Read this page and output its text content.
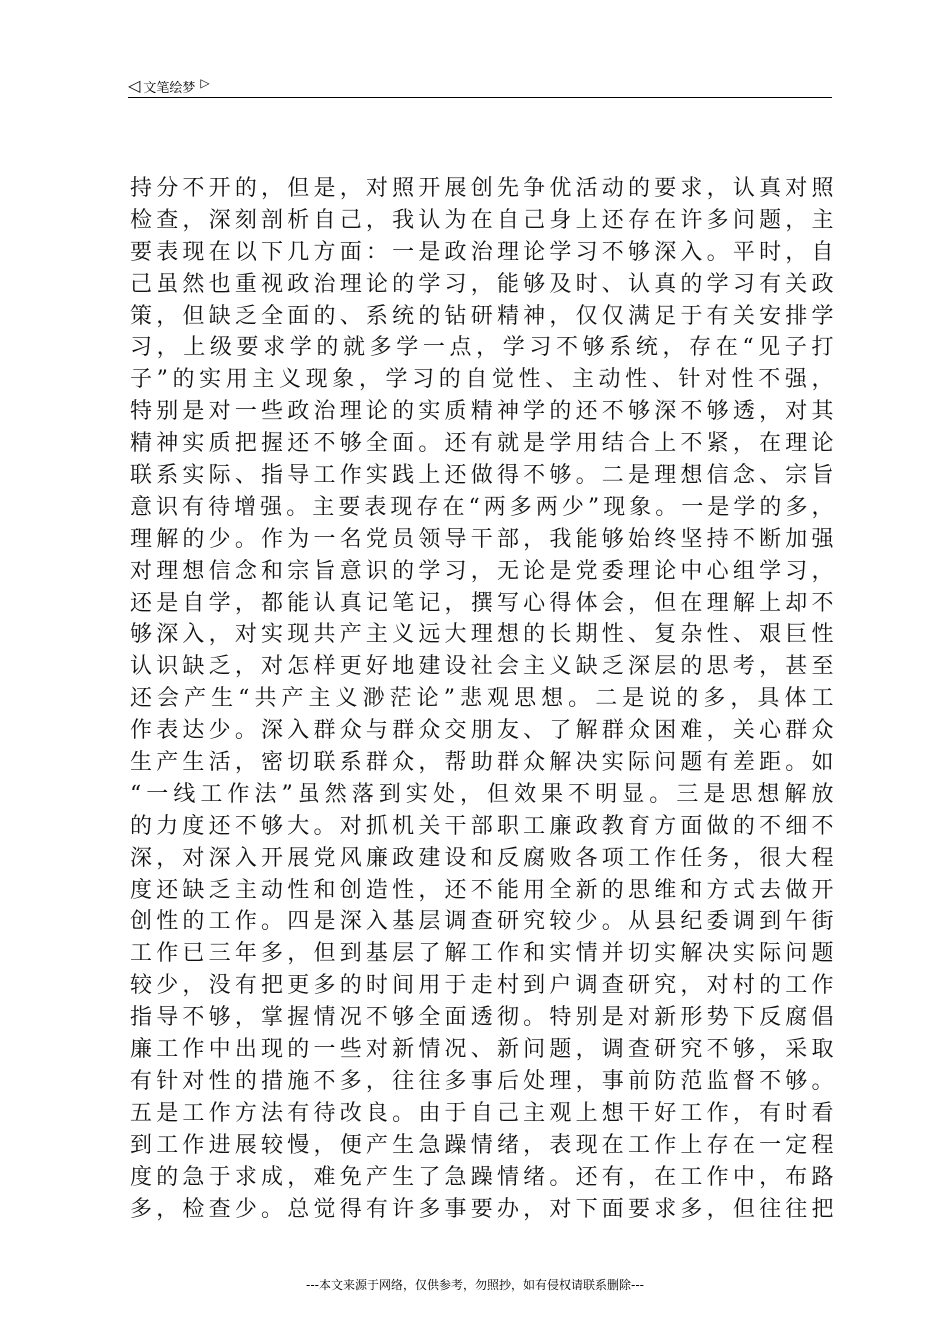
◁ 文笔绘梦 ▷
持分不开的，但是，对照开展创先争优活动的要求，认真对照
检查，深刻剖析自己，我认为在自己身上还存在许多问题，主
要表现在以下几方面：一是政治理论学习不够深入。平时，自
己虽然也重视政治理论的学习，能够及时、认真的学习有关政
策，但缺乏全面的、系统的钻研精神，仅仅满足于有关安排学
习，上级要求学的就多学一点，学习不够系统，存在“见子打
子”的实用主义现象，学习的自觉性、主动性、针对性不强，
特别是对一些政治理论的实质精神学的还不够深不够透，对其
精神实质把握还不够全面。还有就是学用结合上不紧，在理论
联系实际、指导工作实践上还做得不够。二是理想信念、宗旨
意识有待增强。主要表现存在“两多两少”现象。一是学的多，
理解的少。作为一名党员领导干部，我能够始终坚持不断加强
对理想信念和宗旨意识的学习，无论是党委理论中心组学习，
还是自学，都能认真记笔记，撰写心得体会，但在理解上却不
够深入，对实现共产主义远大理想的长期性、复杂性、艰巨性
认识缺乏，对怎样更好地建设社会主义缺乏深层的思考，甚至
还会产生“共产主义渺茫论”悲观思想。二是说的多，具体工
作表达少。深入群众与群众交朋友、了解群众困难，关心群众
生产生活，密切联系群众，帮助群众解决实际问题有差距。如
“一线工作法”虽然落到实处，但效果不明显。三是思想解放
的力度还不够大。对抓机关干部职工廉政教育方面做的不细不
深，对深入开展党风廉政建设和反腐败各项工作任务，很大程
度还缺乏主动性和创造性，还不能用全新的思维和方式去做开
创性的工作。四是深入基层调查研究较少。从县纪委调到午街
工作已三年多，但到基层了解工作和实情并切实解决实际问题
较少，没有把更多的时间用于走村到户调查研究，对村的工作
指导不够，掌握情况不够全面透彻。特别是对新形势下反腐倡
廉工作中出现的一些对新情况、新问题，调查研究不够，采取
有针对性的措施不多，往往多事后处理，事前防范监督不够。
五是工作方法有待改良。由于自己主观上想干好工作，有时看
到工作进展较慢，便产生急躁情绪，表现在工作上存在一定程
度的急于求成，难免产生了急躁情绪。还有，在工作中，布路
多，检查少。总觉得有许多事要办，对下面要求多，但往往把
---本文来源于网络，仅供参考，勿照抄，如有侵权请联系删除---
